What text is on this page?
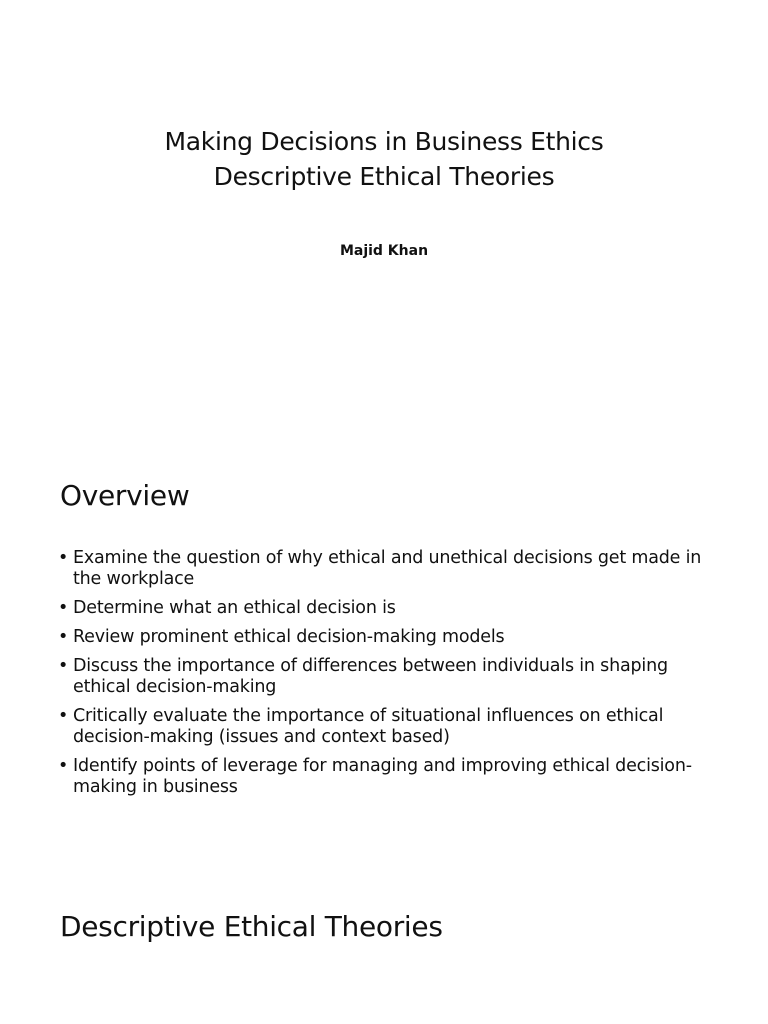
Making Decisions in Business Ethics
Descriptive Ethical Theories
Majid Khan
Overview
• Examine the question of why ethical and unethical decisions get made in the workplace
• Determine what an ethical decision is
• Review prominent ethical decision-making models
• Discuss the importance of differences between individuals in shaping ethical decision-making
• Critically evaluate the importance of situational influences on ethical decision-making (issues and context based)
• Identify points of leverage for managing and improving ethical decision-making in business
Descriptive Ethical Theories
